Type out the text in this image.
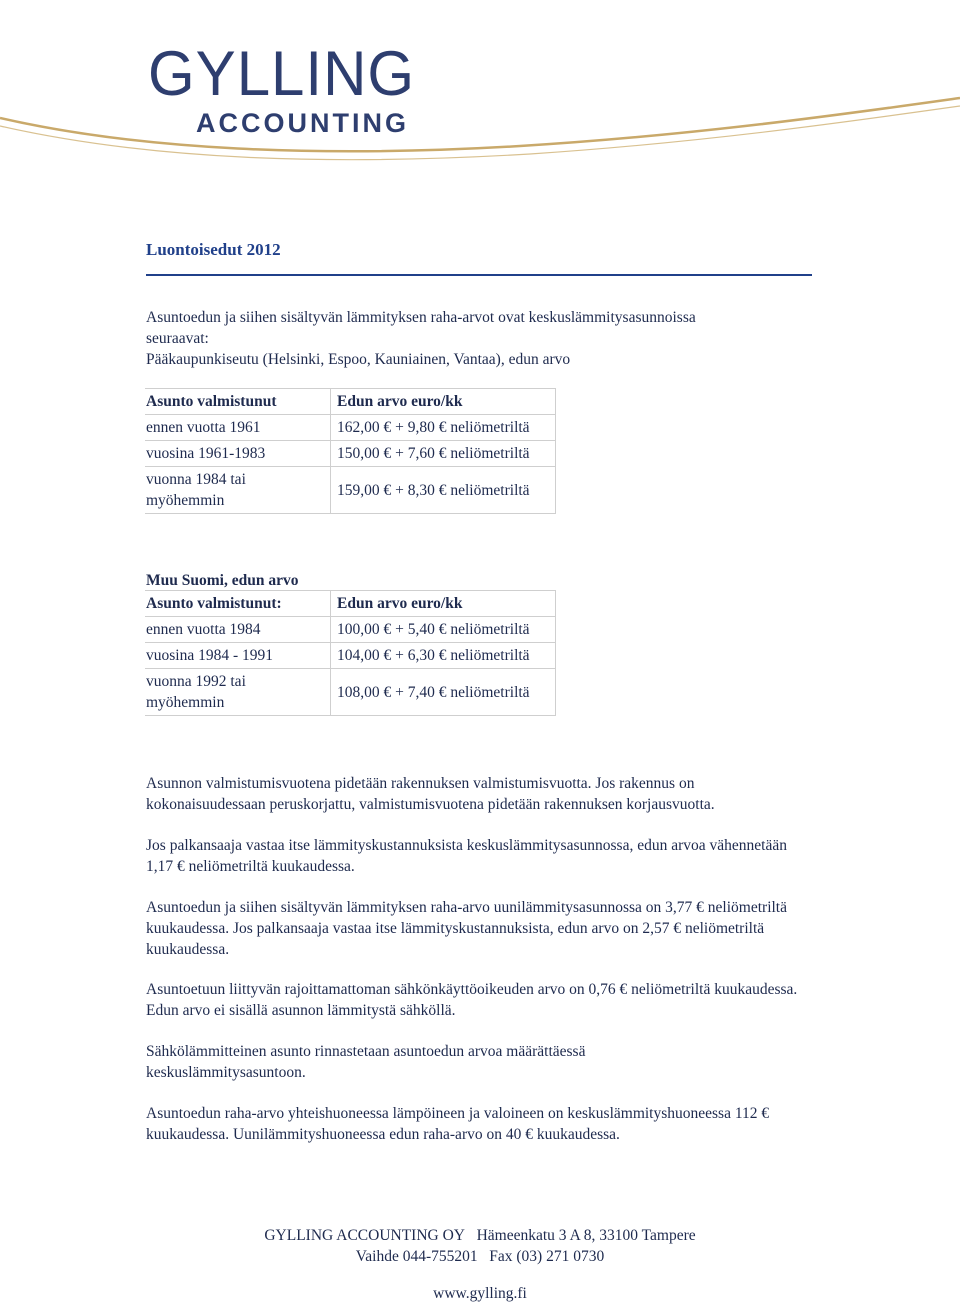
GYLLING
ACCOUNTING
Luontoisedut 2012
Asuntoedun ja siihen sisältyvän lämmityksen raha-arvot ovat keskuslämmitysasunnoissa
seuraavat:
Pääkaupunkiseutu (Helsinki, Espoo, Kauniainen, Vantaa), edun arvo
Asunto valmistunut	Edun arvo euro/kk
ennen vuotta 1961	162,00 € + 9,80 € neliömetriltä
vuosina 1961-1983	150,00 € + 7,60 € neliömetriltä
vuonna 1984 tai myöhemmin	159,00 € + 8,30 € neliömetriltä
Muu Suomi, edun arvo
Asunto valmistunut:	Edun arvo euro/kk
ennen vuotta 1984	100,00 € + 5,40 € neliömetriltä
vuosina 1984 - 1991	104,00 € + 6,30 € neliömetriltä
vuonna 1992 tai myöhemmin	108,00 € + 7,40 € neliömetriltä
Asunnon valmistumisvuotena pidetään rakennuksen valmistumisvuotta. Jos rakennus on kokonaisuudessaan peruskorjattu, valmistumisvuotena pidetään rakennuksen korjausvuotta.
Jos palkansaaja vastaa itse lämmityskustannuksista keskuslämmitysasunnossa, edun arvoa vähennetään 1,17 € neliömetriltä kuukaudessa.
Asuntoedun ja siihen sisältyvän lämmityksen raha-arvo uunilämmitysasunnossa on 3,77 € neliömetriltä kuukaudessa. Jos palkansaaja vastaa itse lämmityskustannuksista, edun arvo on 2,57 € neliömetriltä kuukaudessa.
Asuntoetuun liittyvän rajoittamattoman sähkönkäyttöoikeuden arvo on 0,76 € neliömetriltä kuukaudessa. Edun arvo ei sisällä asunnon lämmitystä sähköllä.
Sähkölämmitteinen asunto rinnastetaan asuntoedun arvoa määrättäessä keskuslämmitysasuntoon.
Asuntoedun raha-arvo yhteishuoneessa lämpöineen ja valoineen on keskuslämmityshuoneessa 112 € kuukaudessa. Uunilämmityshuoneessa edun raha-arvo on 40 € kuukaudessa.
GYLLING ACCOUNTING OY Hämeenkatu 3 A 8, 33100 Tampere
Vaihde 044-755201 Fax (03) 271 0730
www.gylling.fi
